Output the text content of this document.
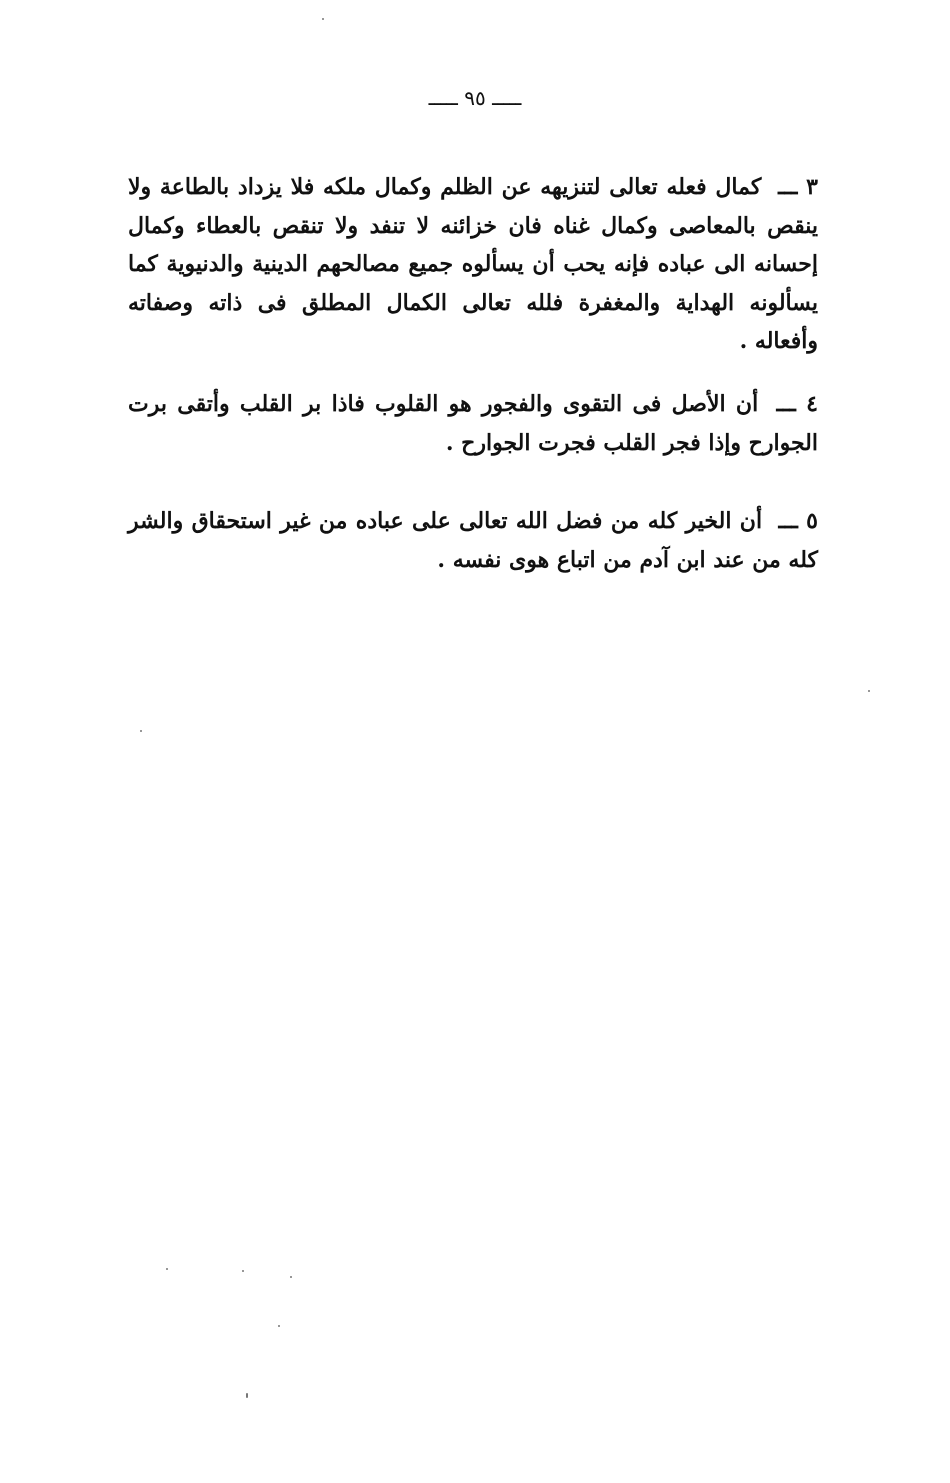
ـــــ ٩٥ ـــــ
٣ ـــ كمال فعله تعالى لتنزيهه عن الظلم وكمال ملكه فلا يزداد بالطاعة ولا ينقص بالمعاصى وكمال غناه فان خزائنه لا تنفد ولا تنقص بالعطاء وكمال إحسانه الى عباده فإنه يحب أن يسألوه جميع مصالحهم الدينية والدنيوية كما يسألونه الهداية والمغفرة فلله تعالى الكمال المطلق فى ذاته وصفاته وأفعاله .
٤ ـــ أن الأصل فى التقوى والفجور هو القلوب فاذا بر القلب وأتقى برت الجوارح وإذا فجر القلب فجرت الجوارح .
٥ ـــ أن الخير كله من فضل الله تعالى على عباده من غير استحقاق والشر كله من عند ابن آدم من اتباع هوى نفسه .
